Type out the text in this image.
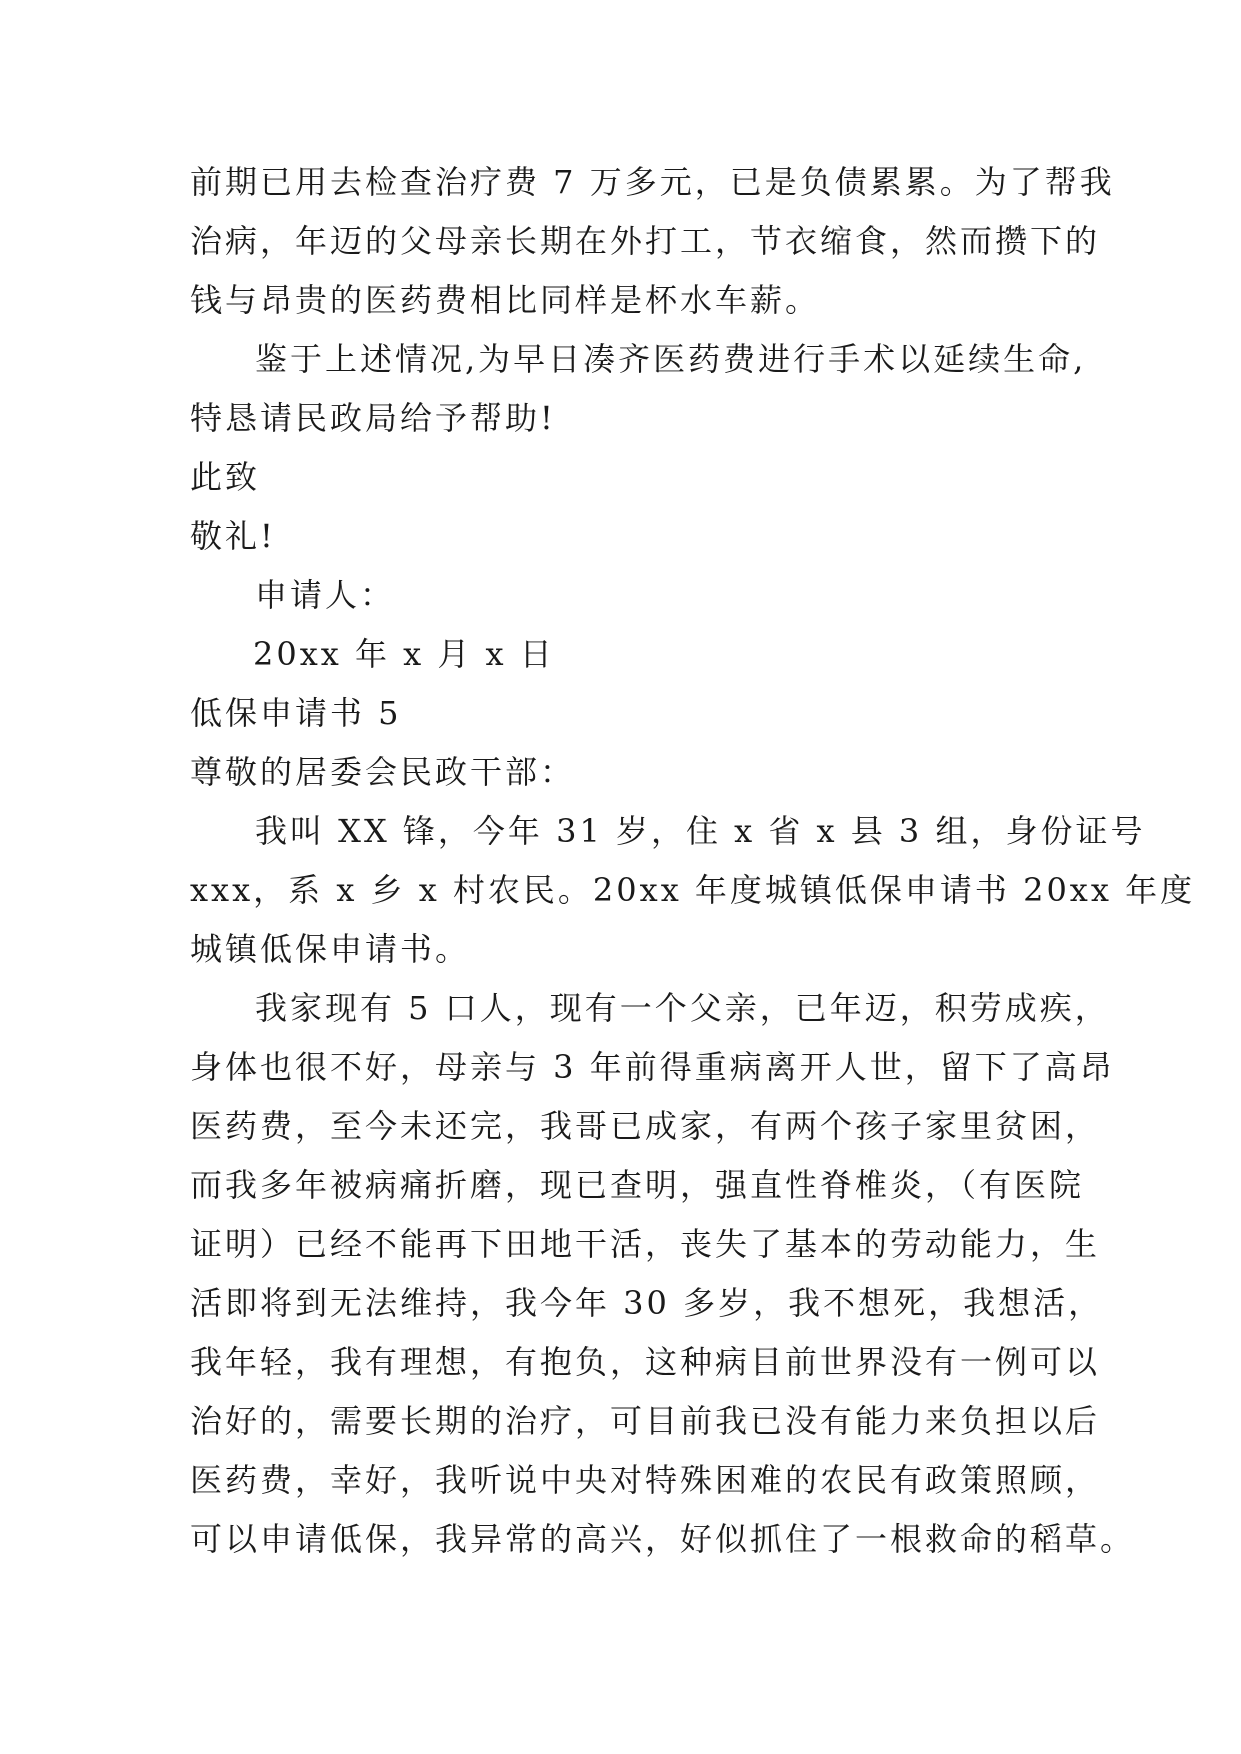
前期已用去检查治疗费 7 万多元，已是负债累累。为了帮我
治病，年迈的父母亲长期在外打工，节衣缩食，然而攒下的
钱与昂贵的医药费相比同样是杯水车薪。
鉴于上述情况,为早日凑齐医药费进行手术以延续生命,
特恳请民政局给予帮助!
此致
敬礼!
申请人：
20xx 年 x 月 x 日
低保申请书 5
尊敬的居委会民政干部：
我叫 XX 锋，今年 31 岁，住 x 省 x 县 3 组，身份证号
xxx，系 x 乡 x 村农民。20xx 年度城镇低保申请书 20xx 年度
城镇低保申请书。
我家现有 5 口人，现有一个父亲，已年迈，积劳成疾，
身体也很不好，母亲与 3 年前得重病离开人世，留下了高昂
医药费，至今未还完，我哥已成家，有两个孩子家里贫困，
而我多年被病痛折磨，现已查明，强直性脊椎炎，（有医院
证明）已经不能再下田地干活，丧失了基本的劳动能力，生
活即将到无法维持，我今年 30 多岁，我不想死，我想活，
我年轻，我有理想，有抱负，这种病目前世界没有一例可以
治好的，需要长期的治疗，可目前我已没有能力来负担以后
医药费，幸好，我听说中央对特殊困难的农民有政策照顾，
可以申请低保，我异常的高兴，好似抓住了一根救命的稻草。
